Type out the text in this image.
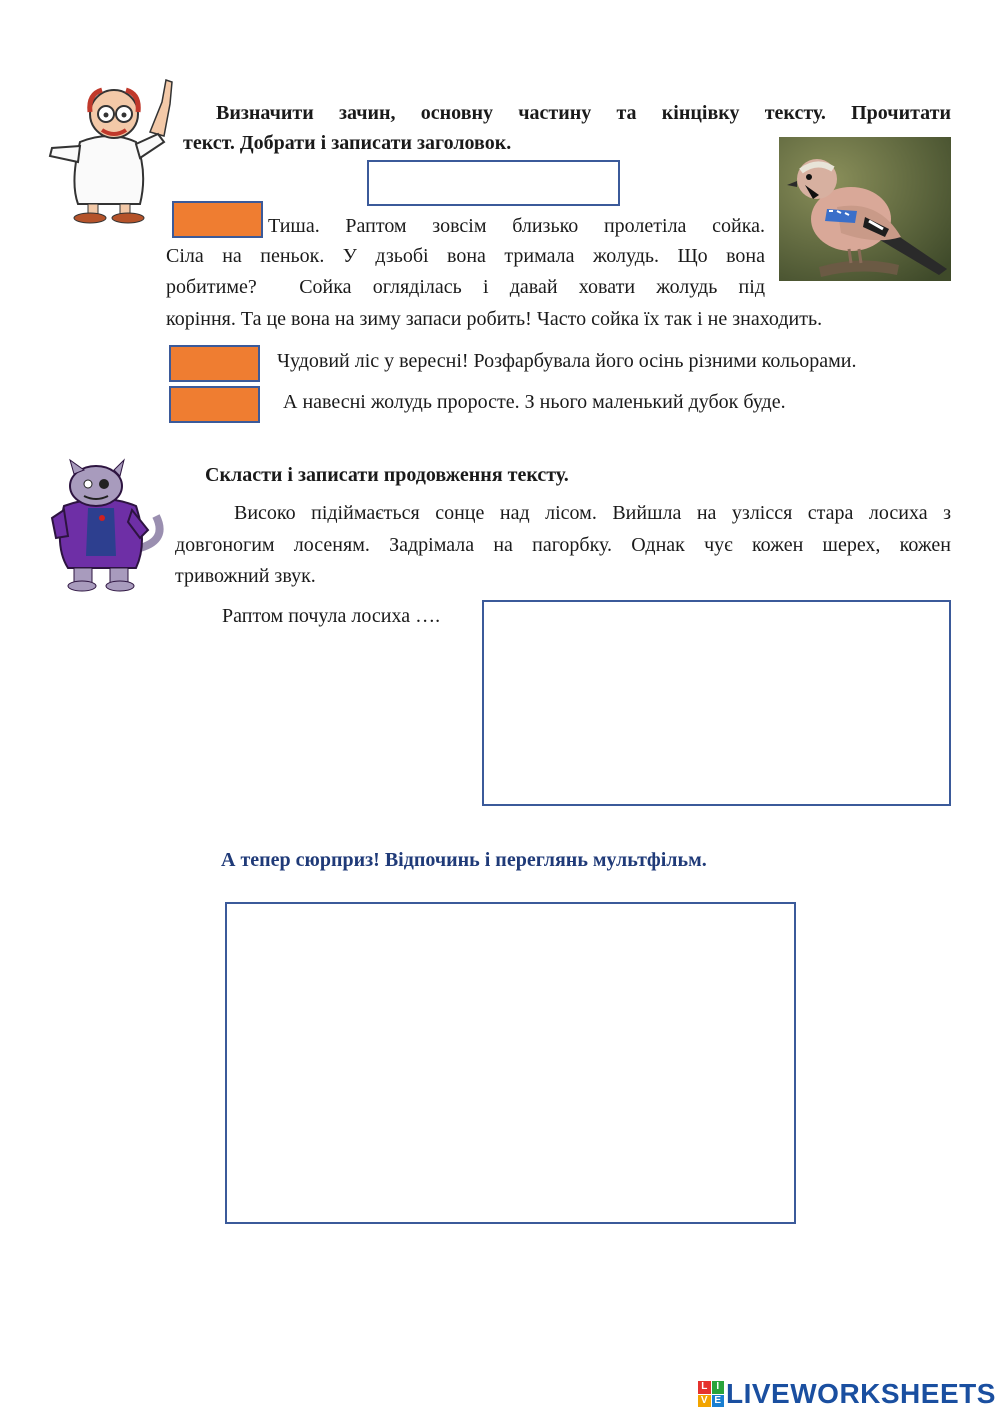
Визначити зачин, основну частину та кінцівку тексту. Прочитати
текст. Добрати і записати заголовок.
Тиша. Раптом зовсім близько пролетіла сойка.
Сіла на пеньок. У дзьобі вона тримала жолудь. Що вона
робитиме?  Сойка огляділась і давай ховати жолудь під
коріння. Та це вона на зиму запаси робить! Часто сойка їх так і не знаходить.
Чудовий ліс у вересні! Розфарбувала його осінь різними кольорами.
А навесні жолудь проросте. З нього маленький дубок буде.
Скласти і записати продовження тексту.
Високо підіймається сонце над лісом. Вийшла на узлісся стара лосиха з
довгоногим лосеням. Задрімала на пагорбку. Однак чує кожен шерех, кожен
тривожний звук.
Раптом почула лосиха ….
А тепер сюрприз! Відпочинь і переглянь мультфільм.
L I
V E LIVEWORKSHEETS
